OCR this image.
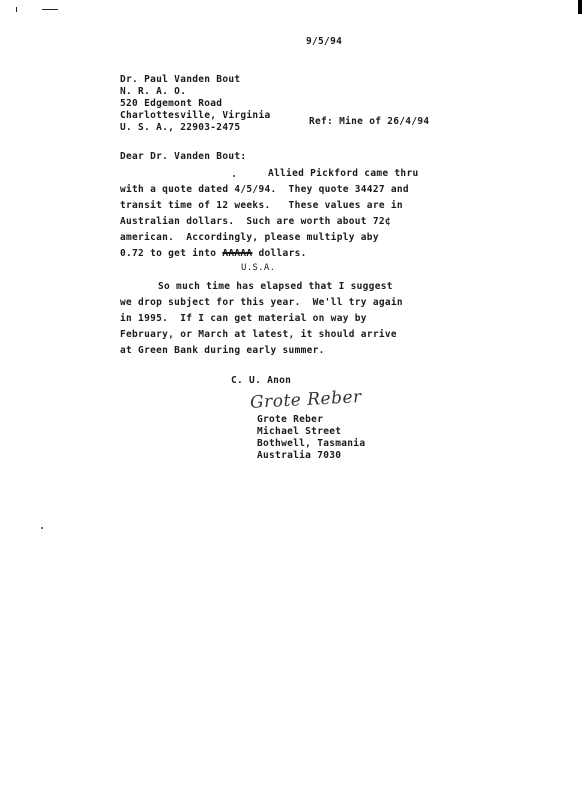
9/5/94
Dr. Paul Vanden Bout
N. R. A. O.
520 Edgemont Road
Charlottesville, Virginia
U. S. A., 22903-2475
Ref: Mine of 26/4/94
Dear Dr. Vanden Bout:
Allied Pickford came thru
with a quote dated 4/5/94.  They quote 34427 and
transit time of 12 weeks.   These values are in
Australian dollars.  Such are worth about 72¢
american.  Accordingly, please multiply aby
0.72 to get into AAAAA dollars.
U.S.A.
So much time has elapsed that I suggest
we drop subject for this year.  We'll try again
in 1995.  If I can get material on way by
February, or March at latest, it should arrive
at Green Bank during early summer.
C. U. Anon
Grote Reber
Grote Reber
Michael Street
Bothwell, Tasmania
Australia 7030
